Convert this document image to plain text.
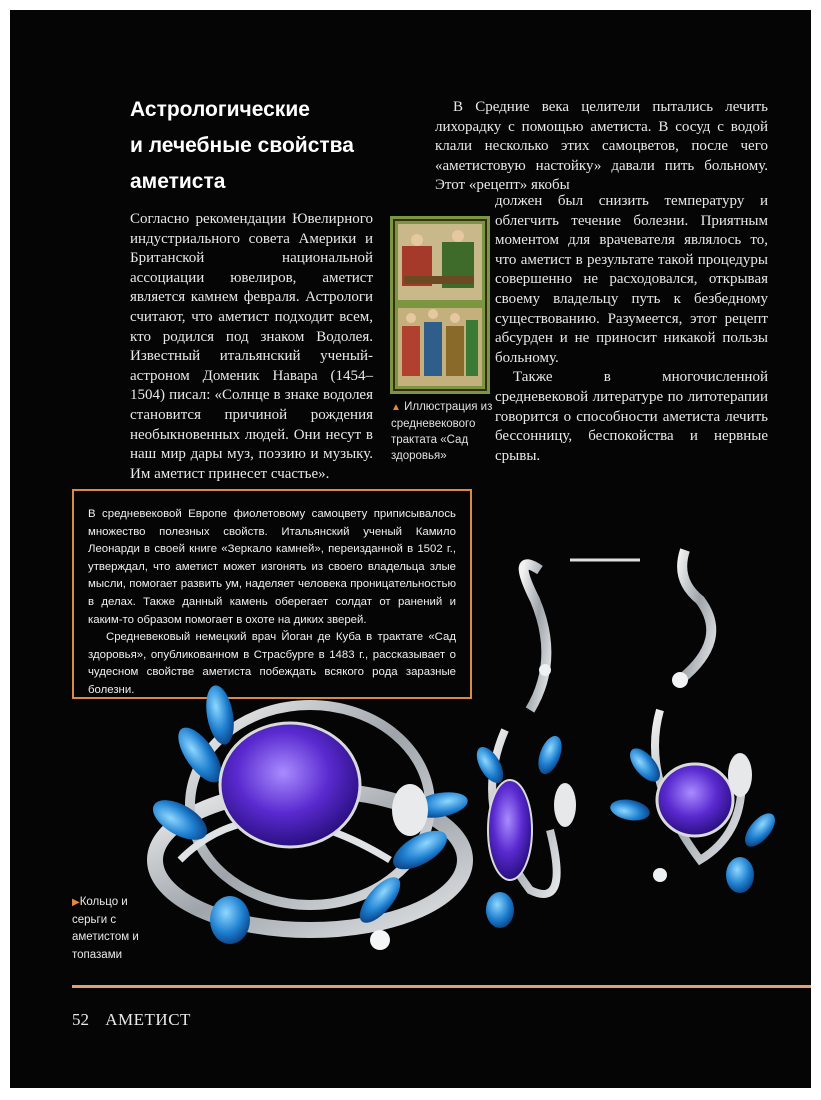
Астрологические
и лечебные свойства
аметиста

Согласно рекомендации Ювелирного индустриального совета Америки и Британской национальной ассоциации ювелиров, аметист является камнем февраля. Астрологи считают, что аметист подходит всем, кто родился под знаком Водолея. Известный итальянский ученый-астроном Доменик Навара (1454–1504) писал: «Солнце в знаке водолея становится причиной рождения необыкновенных людей. Они несут в наш мир дары муз, поэзию и музыку. Им аметист принесет счастье».

В Средние века целители пытались лечить лихорадку с помощью аметиста. В сосуд с водой клали несколько этих самоцветов, после чего «аметистовую настойку» давали пить больному. Этот «рецепт» якобы

▲ Иллюстрация из средневекового трактата «Сад здоровья»

должен был снизить температуру и облегчить течение болезни. Приятным моментом для врачевателя являлось то, что аметист в результате такой процедуры совершенно не расходовался, открывая своему владельцу путь к безбедному существованию. Разумеется, этот рецепт абсурден и не приносит никакой пользы больному.

Также в многочисленной средневековой литературе по литотерапии говорится о способности аметиста лечить бессонницу, беспокойства и нервные срывы.

В средневековой Европе фиолетовому самоцвету приписывалось множество полезных свойств. Итальянский ученый Камило Леонарди в своей книге «Зеркало камней», переизданной в 1502 г., утверждал, что аметист может изгонять из своего владельца злые мысли, помогает развить ум, наделяет человека проницательностью в делах. Также данный камень оберегает солдат от ранений и каким-то образом помогает в охоте на диких зверей.

Средневековый немецкий врач Йоган де Куба в трактате «Сад здоровья», опубликованном в Страсбурге в 1483 г., рассказывает о чудесном свойстве аметиста побеждать всякого рода заразные болезни.

▶Кольцо и серьги с аметистом и топазами
52 АМЕТИСТ
